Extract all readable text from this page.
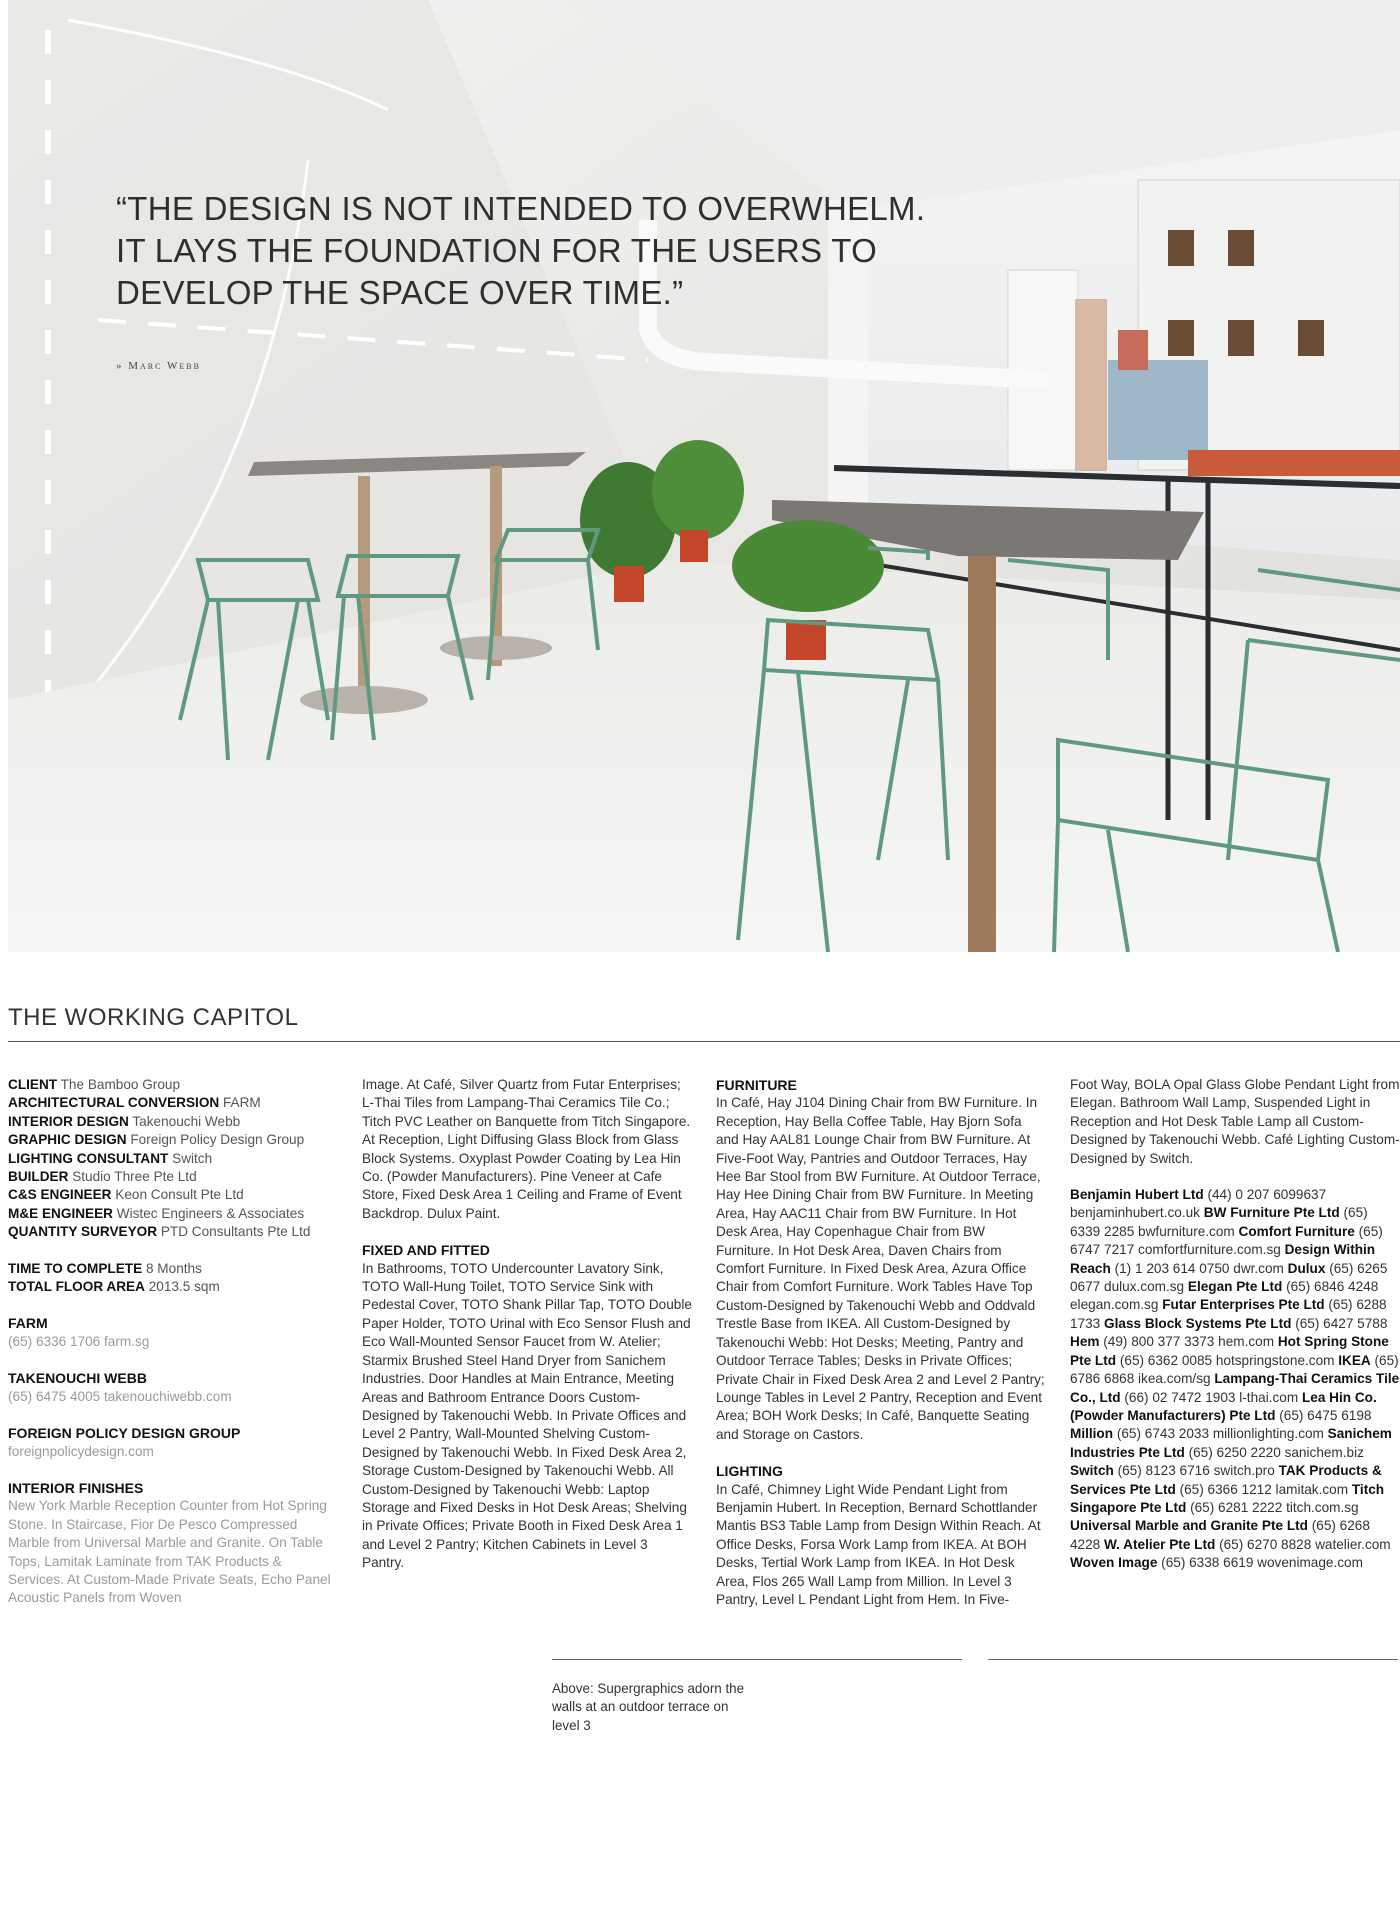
“THE DESIGN IS NOT INTENDED TO OVERWHELM. IT LAYS THE FOUNDATION FOR THE USERS TO DEVELOP THE SPACE OVER TIME.”
» Marc Webb
THE WORKING CAPITOL
CLIENT The Bamboo Group
ARCHITECTURAL CONVERSION FARM
INTERIOR DESIGN Takenouchi Webb
GRAPHIC DESIGN Foreign Policy Design Group
LIGHTING CONSULTANT Switch
BUILDER Studio Three Pte Ltd
C&S ENGINEER Keon Consult Pte Ltd
M&E ENGINEER Wistec Engineers & Associates
QUANTITY SURVEYOR PTD Consultants Pte Ltd
TIME TO COMPLETE 8 Months
TOTAL FLOOR AREA 2013.5 sqm

FARM

(65) 6336 1706 farm.sg

TAKENOUCHI WEBB

(65) 6475 4005 takenouchiwebb.com

FOREIGN POLICY DESIGN GROUP

foreignpolicydesign.com

INTERIOR FINISHES

New York Marble Reception Counter from Hot Spring Stone. In Staircase, Fior De Pesco Compressed Marble from Universal Marble and Granite. On Table Tops, Lamitak Laminate from TAK Products & Services. At Custom-Made Private Seats, Echo Panel Acoustic Panels from Woven

Image. At Café, Silver Quartz from Futar Enterprises; L-Thai Tiles from Lampang-Thai Ceramics Tile Co.; Titch PVC Leather on Banquette from Titch Singapore. At Reception, Light Diffusing Glass Block from Glass Block Systems. Oxyplast Powder Coating by Lea Hin Co. (Powder Manufacturers). Pine Veneer at Cafe Store, Fixed Desk Area 1 Ceiling and Frame of Event Backdrop. Dulux Paint.

FIXED AND FITTED

In Bathrooms, TOTO Undercounter Lavatory Sink, TOTO Wall-Hung Toilet, TOTO Service Sink with Pedestal Cover, TOTO Shank Pillar Tap, TOTO Double Paper Holder, TOTO Urinal with Eco Sensor Flush and Eco Wall-Mounted Sensor Faucet from W. Atelier; Starmix Brushed Steel Hand Dryer from Sanichem Industries. Door Handles at Main Entrance, Meeting Areas and Bathroom Entrance Doors Custom-Designed by Takenouchi Webb. In Private Offices and Level 2 Pantry, Wall-Mounted Shelving Custom-Designed by Takenouchi Webb. In Fixed Desk Area 2, Storage Custom-Designed by Takenouchi Webb. All Custom-Designed by Takenouchi Webb: Laptop Storage and Fixed Desks in Hot Desk Areas; Shelving in Private Offices; Private Booth in Fixed Desk Area 1 and Level 2 Pantry; Kitchen Cabinets in Level 3 Pantry.

FURNITURE

In Café, Hay J104 Dining Chair from BW Furniture. In Reception, Hay Bella Coffee Table, Hay Bjorn Sofa and Hay AAL81 Lounge Chair from BW Furniture. At Five-Foot Way, Pantries and Outdoor Terraces, Hay Hee Bar Stool from BW Furniture. At Outdoor Terrace, Hay Hee Dining Chair from BW Furniture. In Meeting Area, Hay AAC11 Chair from BW Furniture. In Hot Desk Area, Hay Copenhague Chair from BW Furniture. In Hot Desk Area, Daven Chairs from Comfort Furniture. In Fixed Desk Area, Azura Office Chair from Comfort Furniture. Work Tables Have Top Custom-Designed by Takenouchi Webb and Oddvald Trestle Base from IKEA. All Custom-Designed by Takenouchi Webb: Hot Desks; Meeting, Pantry and Outdoor Terrace Tables; Desks in Private Offices; Private Chair in Fixed Desk Area 2 and Level 2 Pantry; Lounge Tables in Level 2 Pantry, Reception and Event Area; BOH Work Desks; In Café, Banquette Seating and Storage on Castors.

LIGHTING

In Café, Chimney Light Wide Pendant Light from Benjamin Hubert. In Reception, Bernard Schottlander Mantis BS3 Table Lamp from Design Within Reach. At Office Desks, Forsa Work Lamp from IKEA. At BOH Desks, Tertial Work Lamp from IKEA. In Hot Desk Area, Flos 265 Wall Lamp from Million. In Level 3 Pantry, Level L Pendant Light from Hem. In Five-

Foot Way, BOLA Opal Glass Globe Pendant Light from Elegan. Bathroom Wall Lamp, Suspended Light in Reception and Hot Desk Table Lamp all Custom-Designed by Takenouchi Webb. Café Lighting Custom-Designed by Switch.

Benjamin Hubert Ltd (44) 0 207 6099637 benjaminhubert.co.uk BW Furniture Pte Ltd (65) 6339 2285 bwfurniture.com Comfort Furniture (65) 6747 7217 comfortfurniture.com.sg Design Within Reach (1) 1 203 614 0750 dwr.com Dulux (65) 6265 0677 dulux.com.sg Elegan Pte Ltd (65) 6846 4248 elegan.com.sg Futar Enterprises Pte Ltd (65) 6288 1733 Glass Block Systems Pte Ltd (65) 6427 5788 Hem (49) 800 377 3373 hem.com Hot Spring Stone Pte Ltd (65) 6362 0085 hotspringstone.com IKEA (65) 6786 6868 ikea.com/sg Lampang-Thai Ceramics Tile Co., Ltd (66) 02 7472 1903 l-thai.com Lea Hin Co. (Powder Manufacturers) Pte Ltd (65) 6475 6198 Million (65) 6743 2033 millionlighting.com Sanichem Industries Pte Ltd (65) 6250 2220 sanichem.biz Switch (65) 8123 6716 switch.pro TAK Products & Services Pte Ltd (65) 6366 1212 lamitak.com Titch Singapore Pte Ltd (65) 6281 2222 titch.com.sg Universal Marble and Granite Pte Ltd (65) 6268 4228 W. Atelier Pte Ltd (65) 6270 8828 watelier.com Woven Image (65) 6338 6619 wovenimage.com

Above: Supergraphics adorn the walls at an outdoor terrace on level 3
